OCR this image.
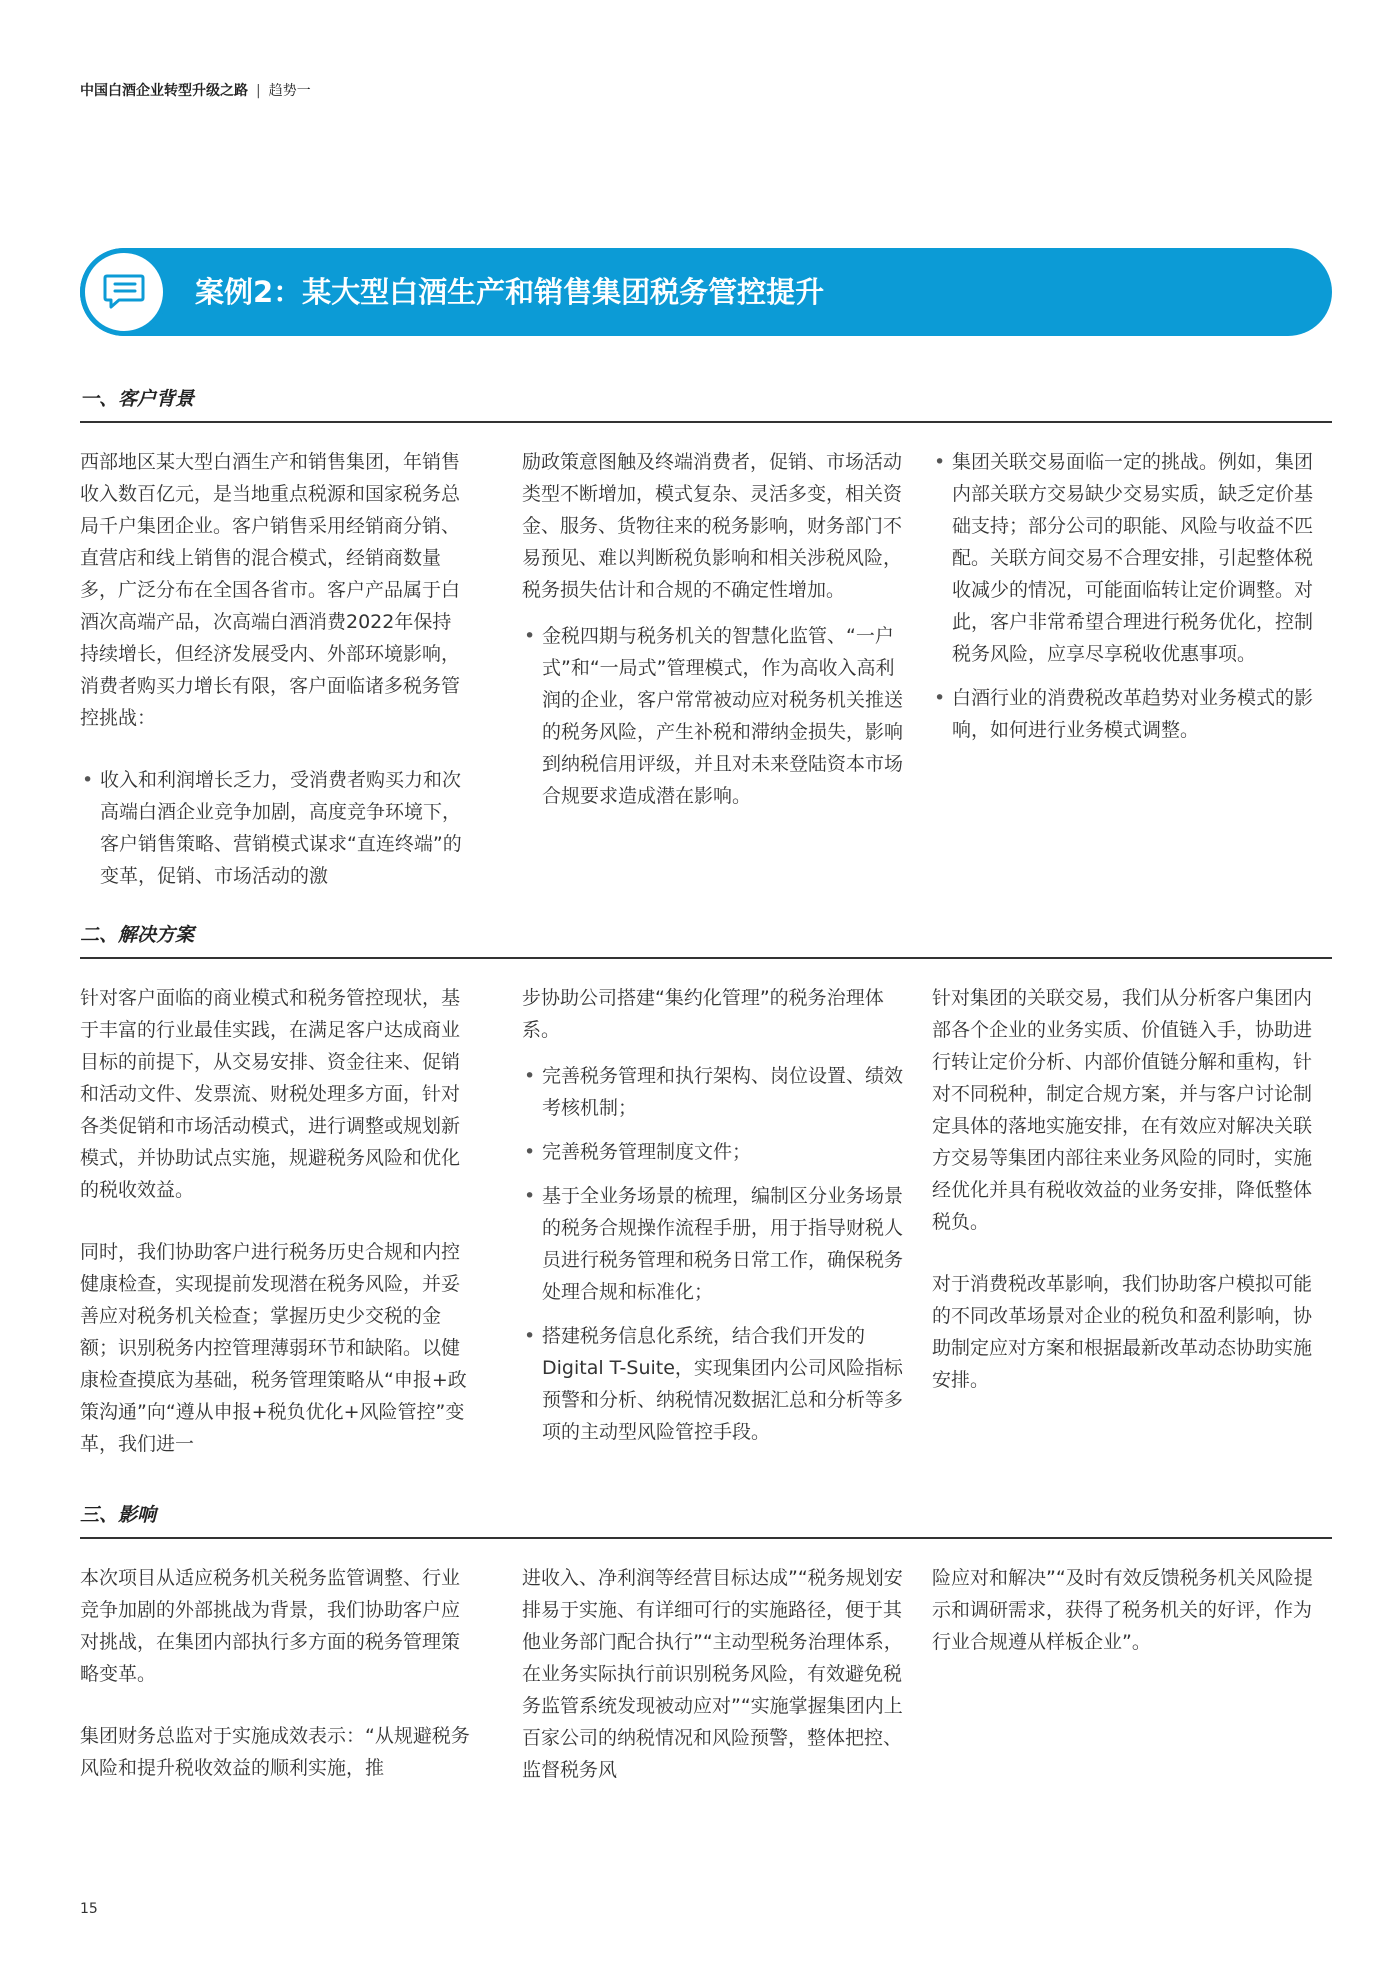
中国白酒企业转型升级之路 | 趋势一
案例2：某大型白酒生产和销售集团税务管控提升
一、客户背景

西部地区某大型白酒生产和销售集团，年销售收入数百亿元，是当地重点税源和国家税务总局千户集团企业。客户销售采用经销商分销、直营店和线上销售的混合模式，经销商数量多，广泛分布在全国各省市。客户产品属于白酒次高端产品，次高端白酒消费2022年保持持续增长，但经济发展受内、外部环境影响，消费者购买力增长有限，客户面临诸多税务管控挑战：

• 收入和利润增长乏力，受消费者购买力和次高端白酒企业竞争加剧，高度竞争环境下，客户销售策略、营销模式谋求“直连终端”的变革，促销、市场活动的激

励政策意图触及终端消费者，促销、市场活动类型不断增加，模式复杂、灵活多变，相关资金、服务、货物往来的税务影响，财务部门不易预见、难以判断税负影响和相关涉税风险，税务损失估计和合规的不确定性增加。

• 金税四期与税务机关的智慧化监管、“一户式”和“一局式”管理模式，作为高收入高利润的企业，客户常常被动应对税务机关推送的税务风险，产生补税和滞纳金损失，影响到纳税信用评级，并且对未来登陆资本市场合规要求造成潜在影响。
• 集团关联交易面临一定的挑战。例如，集团内部关联方交易缺少交易实质，缺乏定价基础支持；部分公司的职能、风险与收益不匹配。关联方间交易不合理安排，引起整体税收减少的情况，可能面临转让定价调整。对此，客户非常希望合理进行税务优化，控制税务风险，应享尽享税收优惠事项。
• 白酒行业的消费税改革趋势对业务模式的影响，如何进行业务模式调整。
二、解决方案

针对客户面临的商业模式和税务管控现状，基于丰富的行业最佳实践，在满足客户达成商业目标的前提下，从交易安排、资金往来、促销和活动文件、发票流、财税处理多方面，针对各类促销和市场活动模式，进行调整或规划新模式，并协助试点实施，规避税务风险和优化的税收效益。

同时，我们协助客户进行税务历史合规和内控健康检查，实现提前发现潜在税务风险，并妥善应对税务机关检查；掌握历史少交税的金额；识别税务内控管理薄弱环节和缺陷。以健康检查摸底为基础，税务管理策略从“申报+政策沟通”向“遵从申报+税负优化+风险管控”变革，我们进一

步协助公司搭建“集约化管理”的税务治理体系。

• 完善税务管理和执行架构、岗位设置、绩效考核机制；
• 完善税务管理制度文件；
• 基于全业务场景的梳理，编制区分业务场景的税务合规操作流程手册，用于指导财税人员进行税务管理和税务日常工作，确保税务处理合规和标准化；
• 搭建税务信息化系统，结合我们开发的Digital T-Suite，实现集团内公司风险指标预警和分析、纳税情况数据汇总和分析等多项的主动型风险管控手段。

针对集团的关联交易，我们从分析客户集团内部各个企业的业务实质、价值链入手，协助进行转让定价分析、内部价值链分解和重构，针对不同税种，制定合规方案，并与客户讨论制定具体的落地实施安排，在有效应对解决关联方交易等集团内部往来业务风险的同时，实施经优化并具有税收效益的业务安排，降低整体税负。

对于消费税改革影响，我们协助客户模拟可能的不同改革场景对企业的税负和盈利影响，协助制定应对方案和根据最新改革动态协助实施安排。

三、影响

本次项目从适应税务机关税务监管调整、行业竞争加剧的外部挑战为背景，我们协助客户应对挑战，在集团内部执行多方面的税务管理策略变革。

集团财务总监对于实施成效表示：“从规避税务风险和提升税收效益的顺利实施，推

进收入、净利润等经营目标达成”“税务规划安排易于实施、有详细可行的实施路径，便于其他业务部门配合执行”“主动型税务治理体系，在业务实际执行前识别税务风险，有效避免税务监管系统发现被动应对”“实施掌握集团内上百家公司的纳税情况和风险预警，整体把控、监督税务风

险应对和解决”“及时有效反馈税务机关风险提示和调研需求，获得了税务机关的好评，作为行业合规遵从样板企业”。

15
